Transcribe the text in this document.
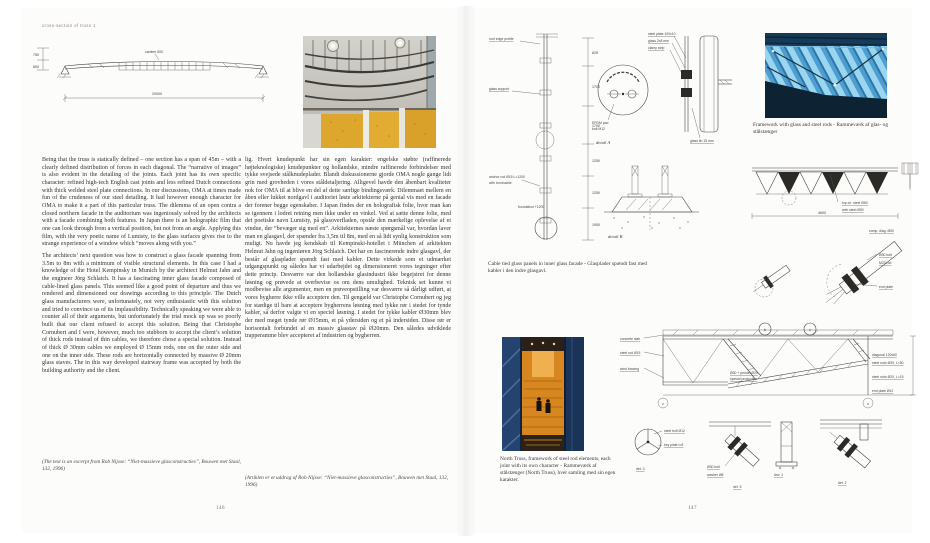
cross-section of truss 1
750
600
camber 600
20000
Being that the truss is statically defined – one section has a span of 45m – with a clearly defined distribution of forces in each diagonal. The “narrative of images” is also evident in the detailing of the joints. Each joint has its own specific character: refined high-tech English cast joints and less refined Dutch connections with thick welded steel plate connections. In our discussions, OMA at times made fun of the crudeness of our steel detailing. It had however enough character for OMA to make it a part of this particular truss. The dilemma of an open contra a closed northern facade in the auditorium was ingeniously solved by the architects with a facade combining both features. In Japan there is an holographic film that one can look through from a vertical position, but not from an angle. Applying this film, with the very poetic name of Lumisty, to the glass surfaces gives rise to the strange experience of a window which “moves along with you.”
The architects’ next question was how to construct a glass facade spanning from 3.5m to 8m with a minimum of visible structural elements. In this case I had a knowledge of the Hotel Kempinsky in Munich by the architect Helmut Jahn and the engineer Jörg Schlaich. It has a fascinating inner glass facade composed of cable-lined glass panels. This seemed like a good point of departure and thus we rendered and dimensioned our drawings according to this principle. The Dutch glass manufacturers were, unfortunately, not very enthusiastic with this solution and tried to convince us of its implausibility. Technically speaking we were able to counter all of their arguments, but unfortunately the trial mock up was so poorly built that our client refused to accept this solution. Being that Christophe Cornubert and I were, however, much too stubborn to accept the client’s solution of thick rods instead of thin cables, we therefore chose a special solution. Instead of thick Ø 30mm cables we employed Ø 15mm rods, one on the outer side and one on the inner side. These rods are horizontally connected by massive Ø 20mm glass staves. The in this way developed stairway frame was accepted by both the building authority and the client.
(The text is an excerpt from Rob Nijsse: “Niet-massieve glasconstructies”, Bouwen met Staal, 132, 1996)
lig. Hvert knudepunkt har sin egen karakter: engelske støbte (raffinerede højteknologiske) knudepunkter og hollandske, mindre raffinerede forbindelser med tykke svejsede stålknudeplader. Blandt diskussionerne gjorde OMA nogle gange lidt grin med grovheden i vores ståldetaljering. Alligevel havde den åbenbart kvaliteter nok for OMA til at blive en del af dette særlige bindingsværk. Dilemmaet mellem en åben eller lukket nordgavl i auditoriet løste arkitekterne på genial vis med en facade der forener begge egenskaber. I Japan findes der en holografisk folie, hvor man kan se igennem i lodret retning men ikke under en vinkel. Ved at sætte denne folie, med det poetiske navn Lumisty, på glasoverfladen, opstår den mærkelige oplevelse af et vindue, der “bevæger sig med en”. Arkitekternes næste spørgsmål var, hvordan laver man en glasgavl, der spænder fra 3,5m til 8m, med en så lidt synlig konstruktion som muligt. Nu havde jeg kendskab til Kempinski-hotellet i München af arkitekten Helmut Jahn og ingeniøren Jörg Schlaich. Det har en fascinerende indre glasgavl, der består af glasplader spændt fast med kabler. Dette virkede som et udmærket udgangspunkt og således har vi udarbejdet og dimensioneret vores tegninger efter dette princip. Desværre var den hollandske glasindustri ikke begejstret for denne løsning og prøvede at overbevise os om dens umulighed. Teknisk set kunne vi modbevise alle argumenter, men en prøveopstilling var desværre så dårligt udført, at vores bygherre ikke ville acceptere den. Til gengæld var Christophe Cornubert og jeg for stædige til bare at acceptere bygherrens løsning med tykke rør i stedet for tynde kabler, så derfor valgte vi en speciel løsning. I stedet for tykke kabler Ø30mm blev der med meget tynde rør Ø15mm, et på ydersiden og et på indersiden. Disse rør er horisontalt forbundet af en massiv glasstav på Ø20mm. Den således udviklede trapperamme blev accepteret af industrien og bygherren.
(Artiklen er et uddrag af Rob Nijsse: “Niet-massieve glasconstructies”, Bouwen met Staal, 132, 1996)
146
roof edge profile
glass support
anchor rod Ø15 L=1200
with turnbuckle
foundation +1200
625
1700
1700
1250
1250
1950
EPDM pad
bolt M12
detail A
steel plate 100x10
glass 2x8 mm
clamp strip
glass fin 15 mm
detail B
Framework with glass and steel rods - Rammeværk af glas- og stålstænger
top ch. steel Ø60
web steel Ø50
4600
comp. diag. Ø50
Ø30 bolt
M20 rod
end plate
Cable tied glass panels in inner glass facade - Glasplader spændt fast med kabler i den indre glasgavl.
North Truss, framework of steel rod elements, each joint with its own character - Rammeværk af stålstænger (North Truss), hver samling med sin egen karakter.
concrete slab
steel rod Ø15
wind bracing
b	c
c	c
Ø30 + pendel Ø20
special production
diagonal 120x60
steel rods Ø30, L=50
steel rods Ø20, L=15
end plate Ø12
steel bolt Ø12
key plate t=8
det. 3	Ø30 bolt
washer Ø8
det. 5
drw. 1
det. 2
147
